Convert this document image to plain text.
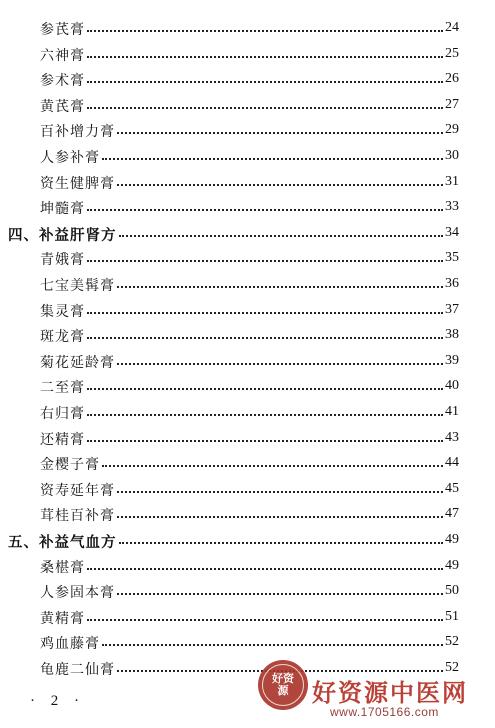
参芪膏	24
六神膏	25
参术膏	26
黄芪膏	27
百补增力膏	29
人参补膏	30
资生健脾膏	31
坤髓膏	33
四、补益肝肾方	34
青娥膏	35
七宝美髯膏	36
集灵膏	37
斑龙膏	38
菊花延龄膏	39
二至膏	40
右归膏	41
还精膏	43
金樱子膏	44
资寿延年膏	45
茸桂百补膏	47
五、补益气血方	49
桑椹膏	49
人参固本膏	50
黄精膏	51
鸡血藤膏	52
龟鹿二仙膏	52
· 2 ·
好资
源 好资源中医网
www.1705166.com
